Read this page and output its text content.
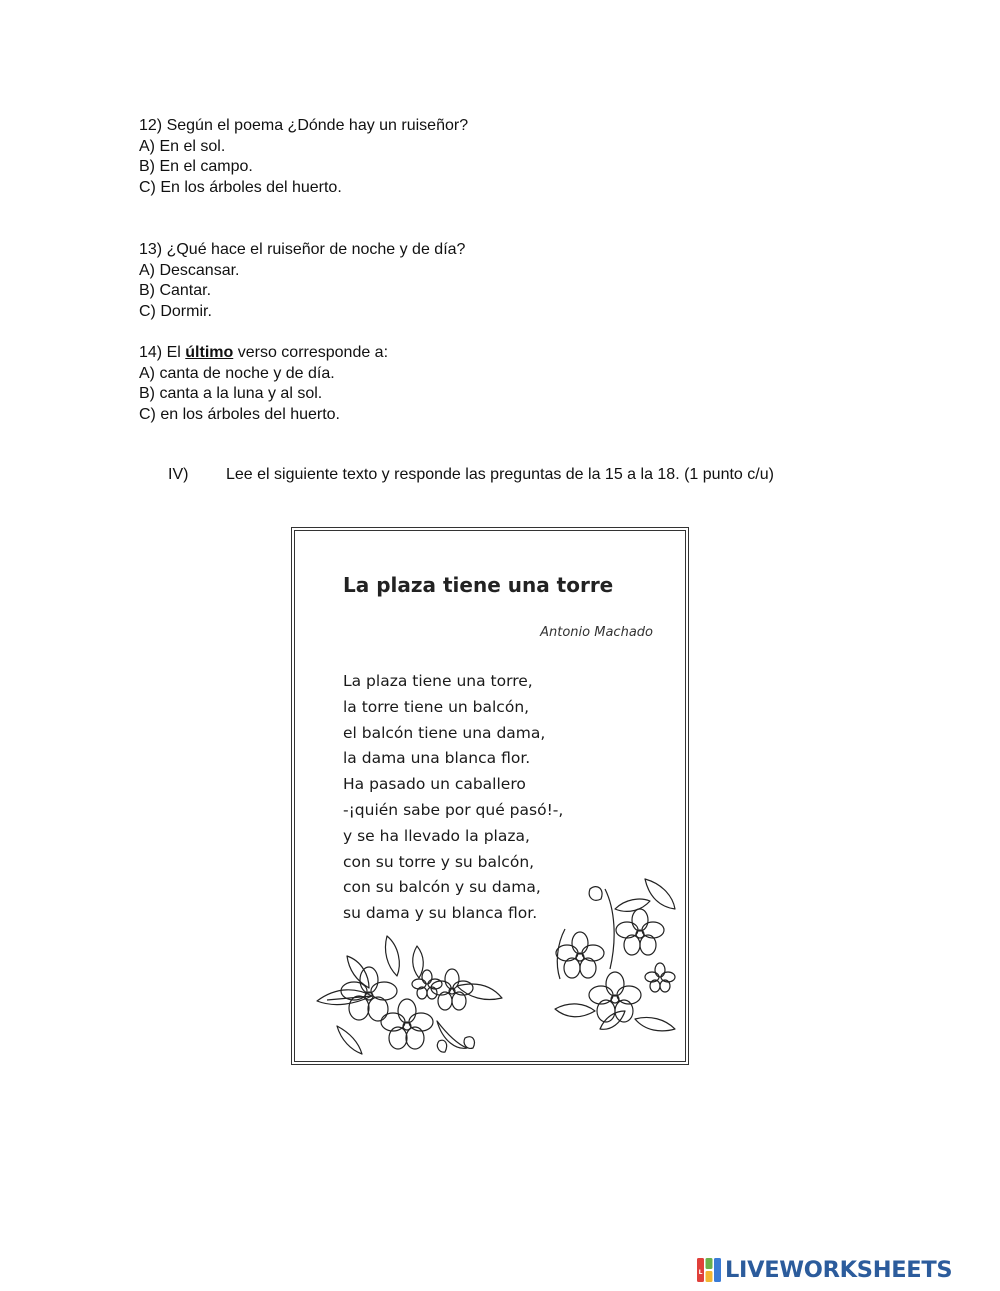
12) Según el poema ¿Dónde hay un ruiseñor?

A) En el sol.

B) En el campo.

C) En los árboles del huerto.

13) ¿Qué hace el ruiseñor de noche y de día?

A) Descansar.

B) Cantar.

C) Dormir.

14) El último verso corresponde a:

A) canta de noche y de día.

B) canta a la luna y al sol.

C) en los árboles del huerto.

IV) Lee el siguiente texto y responde las preguntas de la 15 a la 18. (1 punto c/u)
La plaza tiene una torre
Antonio Machado
La plaza tiene una torre,
la torre tiene un balcón,
el balcón tiene una dama,
la dama una blanca flor.
Ha pasado un caballero
-¡quién sabe por qué pasó!-,
y se ha llevado la plaza,
con su torre y su balcón,
con su balcón y su dama,
su dama y su blanca flor.
L LIVEWORKSHEETS
